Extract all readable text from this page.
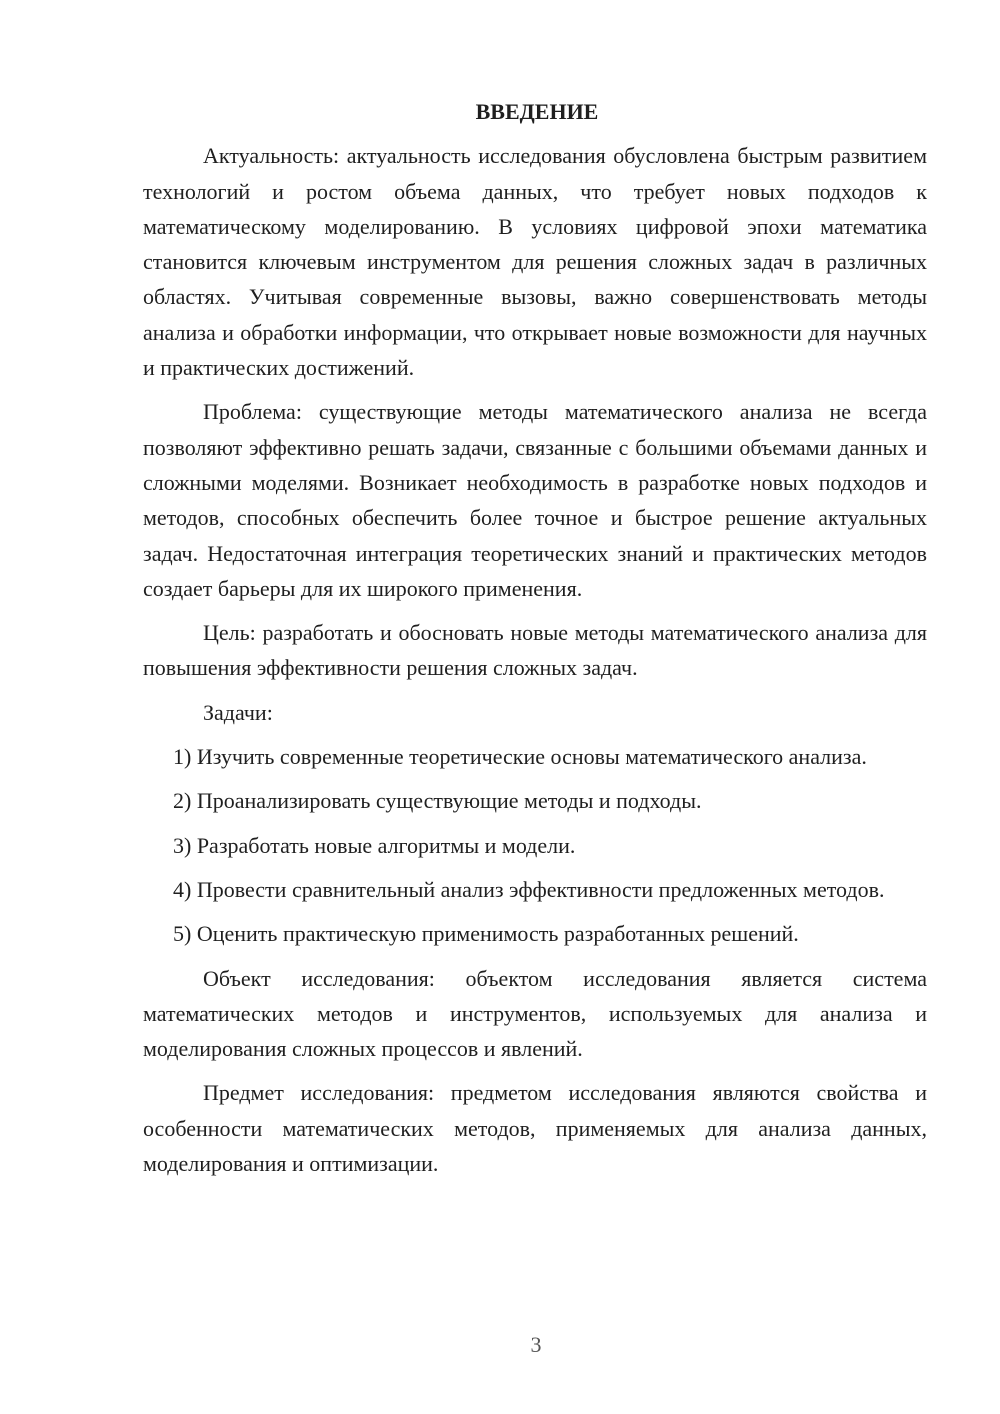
ВВЕДЕНИЕ

Актуальность: актуальность исследования обусловлена быстрым развитием технологий и ростом объема данных, что требует новых подходов к математическому моделированию. В условиях цифровой эпохи математика становится ключевым инструментом для решения сложных задач в различных областях. Учитывая современные вызовы, важно совершенствовать методы анализа и обработки информации, что открывает новые возможности для научных и практических достижений.

Проблема: существующие методы математического анализа не всегда позволяют эффективно решать задачи, связанные с большими объемами данных и сложными моделями. Возникает необходимость в разработке новых подходов и методов, способных обеспечить более точное и быстрое решение актуальных задач. Недостаточная интеграция теоретических знаний и практических методов создает барьеры для их широкого применения.

Цель: разработать и обосновать новые методы математического анализа для повышения эффективности решения сложных задач.

Задачи:

1) Изучить современные теоретические основы математического анализа.

2) Проанализировать существующие методы и подходы.

3) Разработать новые алгоритмы и модели.

4) Провести сравнительный анализ эффективности предложенных методов.

5) Оценить практическую применимость разработанных решений.

Объект исследования: объектом исследования является система математических методов и инструментов, используемых для анализа и моделирования сложных процессов и явлений.

Предмет исследования: предметом исследования являются свойства и особенности математических методов, применяемых для анализа данных, моделирования и оптимизации.

3
